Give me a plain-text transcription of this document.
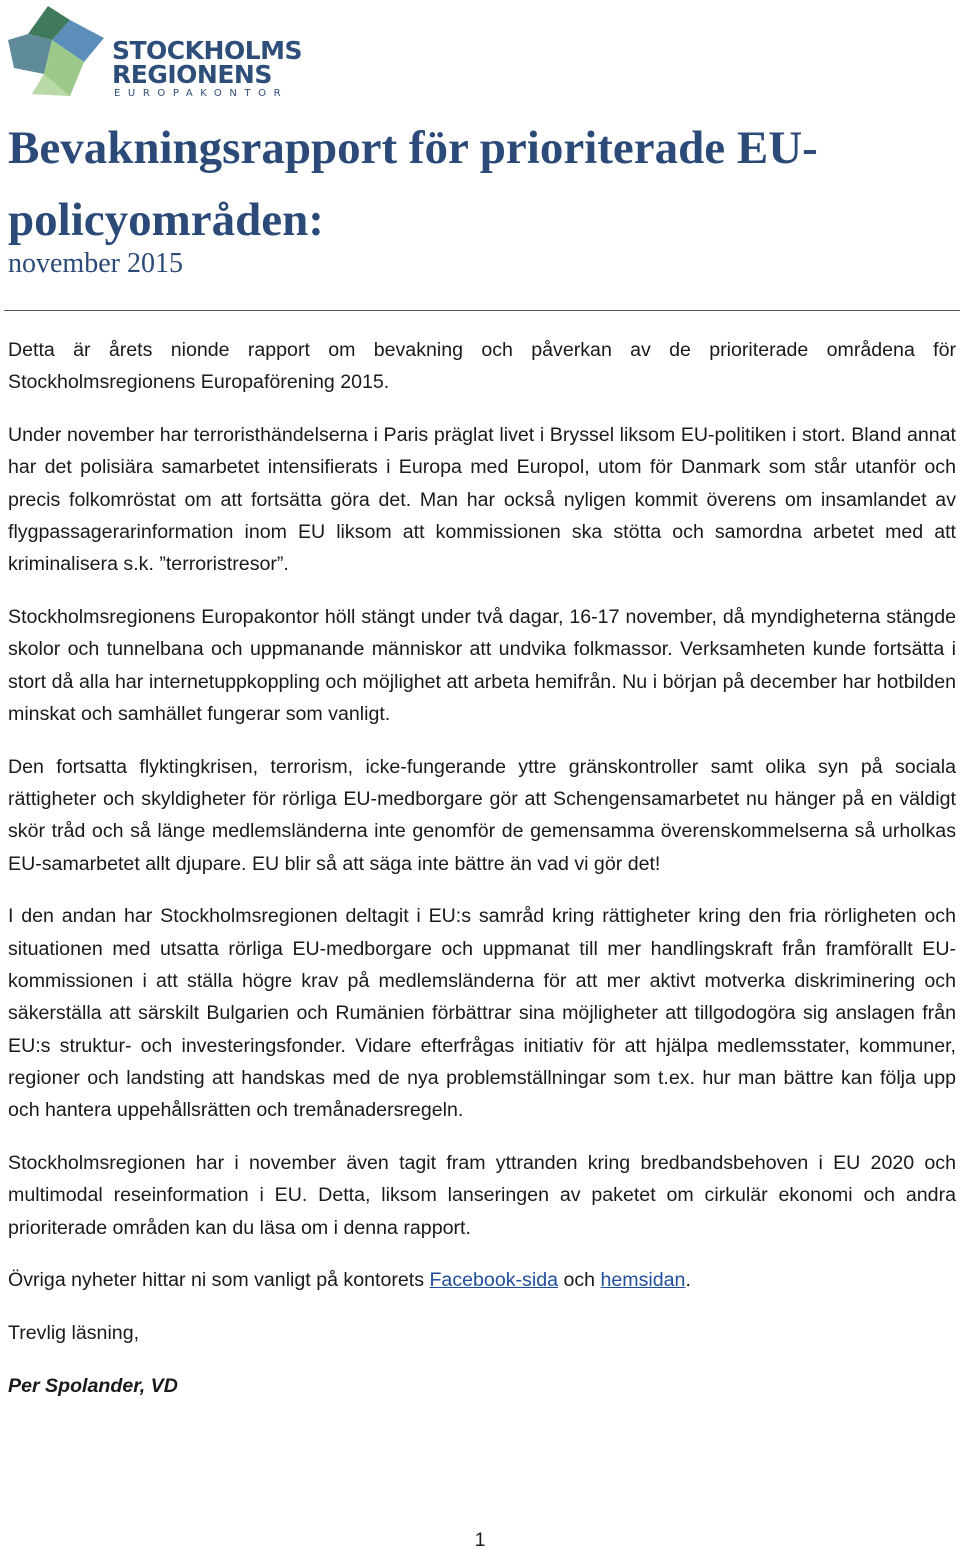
STOCKHOLMS
REGIONENS
EUROPAKONTOR
Bevakningsrapport för prioriterade EU-policyområden:
november 2015

Detta är årets nionde rapport om bevakning och påverkan av de prioriterade områdena för Stockholmsregionens Europaförening 2015.

Under november har terroristhändelserna i Paris präglat livet i Bryssel liksom EU-politiken i stort. Bland annat har det polisiära samarbetet intensifierats i Europa med Europol, utom för Danmark som står utanför och precis folkomröstat om att fortsätta göra det. Man har också nyligen kommit överens om insamlandet av flygpassagerarinformation inom EU liksom att kommissionen ska stötta och samordna arbetet med att kriminalisera s.k. ”terroristresor”.

Stockholmsregionens Europakontor höll stängt under två dagar, 16-17 november, då myndigheterna stängde skolor och tunnelbana och uppmanande människor att undvika folkmassor. Verksamheten kunde fortsätta i stort då alla har internetuppkoppling och möjlighet att arbeta hemifrån. Nu i början på december har hotbilden minskat och samhället fungerar som vanligt.

Den fortsatta flyktingkrisen, terrorism, icke-fungerande yttre gränskontroller samt olika syn på sociala rättigheter och skyldigheter för rörliga EU-medborgare gör att Schengensamarbetet nu hänger på en väldigt skör tråd och så länge medlemsländerna inte genomför de gemensamma överenskommelserna så urholkas EU-samarbetet allt djupare. EU blir så att säga inte bättre än vad vi gör det!

I den andan har Stockholmsregionen deltagit i EU:s samråd kring rättigheter kring den fria rörligheten och situationen med utsatta rörliga EU-medborgare och uppmanat till mer handlingskraft från framförallt EU-kommissionen i att ställa högre krav på medlemsländerna för att mer aktivt motverka diskriminering och säkerställa att särskilt Bulgarien och Rumänien förbättrar sina möjligheter att tillgodogöra sig anslagen från EU:s struktur- och investeringsfonder. Vidare efterfrågas initiativ för att hjälpa medlemsstater, kommuner, regioner och landsting att handskas med de nya problemställningar som t.ex. hur man bättre kan följa upp och hantera uppehållsrätten och tremånadersregeln.

Stockholmsregionen har i november även tagit fram yttranden kring bredbandsbehoven i EU 2020 och multimodal reseinformation i EU. Detta, liksom lanseringen av paketet om cirkulär ekonomi och andra prioriterade områden kan du läsa om i denna rapport.

Övriga nyheter hittar ni som vanligt på kontorets Facebook-sida och hemsidan.

Trevlig läsning,

Per Spolander, VD

1
